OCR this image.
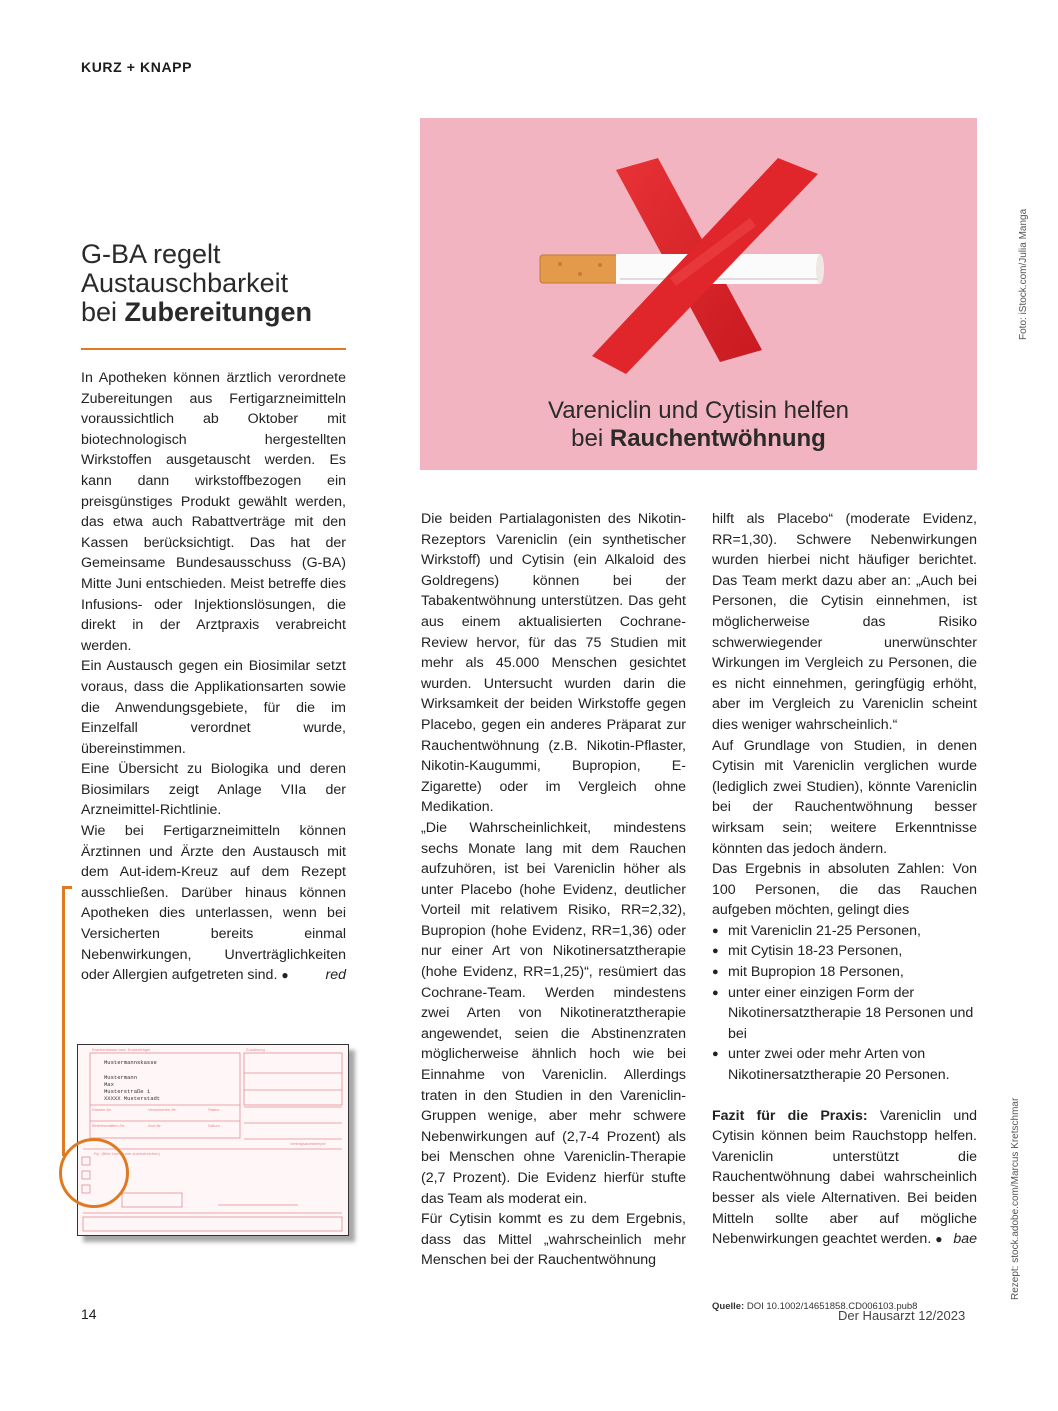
KURZ + KNAPP
G-BA regelt
Austauschbarkeit
bei Zubereitungen

In Apotheken können ärztlich verordnete Zubereitungen aus Fertigarzneimitteln voraussichtlich ab Oktober mit biotechnologisch hergestellten Wirkstoffen ausgetauscht werden. Es kann dann wirkstoffbezogen ein preisgünstiges Produkt gewählt werden, das etwa auch Rabattverträge mit den Kassen berücksichtigt. Das hat der Gemeinsame Bundesausschuss (G-BA) Mitte Juni entschieden. Meist betreffe dies Infusions- oder Injektionslösungen, die direkt in der Arztpraxis verabreicht werden.

Ein Austausch gegen ein Biosimilar setzt voraus, dass die Applikationsarten sowie die Anwendungsgebiete, für die im Einzelfall verordnet wurde, übereinstimmen.

Eine Übersicht zu Biologika und deren Biosimilars zeigt Anlage VIIa der Arzneimittel-Richtlinie.

Wie bei Fertigarzneimitteln können Ärztinnen und Ärzte den Austausch mit dem Aut-idem-Kreuz auf dem Rezept ausschließen. Darüber hinaus können Apotheken dies unterlassen, wenn bei Versicherten bereits einmal Nebenwirkungen, Unverträglichkeiten oder Allergien aufgetreten sind. ●	red

Krankenkasse bzw. Kostenträger	Zuzahlung
Kassen-Nr.	Versicherten-Nr.	Status
Betriebsstätten-Nr.	Arzt-Nr.	Datum
Rp. (Bitte Leerräume durchstreichen)
Vertragsarztstempel
Mustermannskasse
Mustermann
Max
Musterstraße 1
XXXXX Musterstadt
Vareniclin und Cytisin helfen
bei Rauchentwöhnung
Foto: iStock.com/Julia Manga
Rezept: stock.adobe.com/Marcus Kretschmar

Die beiden Partialagonisten des Nikotin-Rezeptors Vareniclin (ein synthetischer Wirkstoff) und Cytisin (ein Alkaloid des Goldregens) können bei der Tabakentwöhnung unterstützen. Das geht aus einem aktualisierten Cochrane-Review hervor, für das 75 Studien mit mehr als 45.000 Menschen gesichtet wurden. Untersucht wurden darin die Wirksamkeit der beiden Wirkstoffe gegen Placebo, gegen ein anderes Präparat zur Rauchentwöhnung (z.B. Nikotin-Pflaster, Nikotin-Kaugummi, Bupropion, E-Zigarette) oder im Vergleich ohne Medikation.

„Die Wahrscheinlichkeit, mindestens sechs Monate lang mit dem Rauchen aufzuhören, ist bei Vareniclin höher als unter Placebo (hohe Evidenz, deutlicher Vorteil mit relativem Risiko, RR=2,32), Bupropion (hohe Evidenz, RR=1,36) oder nur einer Art von Nikotinersatztherapie (hohe Evidenz, RR=1,25)“, resümiert das Cochrane-Team. Werden mindestens zwei Arten von Nikotineratztherapie angewendet, seien die Abstinenzraten möglicherweise ähnlich hoch wie bei Einnahme von Vareniclin. Allerdings traten in den Studien in den Vareniclin-Gruppen wenige, aber mehr schwere Nebenwirkungen auf (2,7-4 Prozent) als bei Menschen ohne Vareniclin-Therapie (2,7 Prozent). Die Evidenz hierfür stufte das Team als moderat ein.

Für Cytisin kommt es zu dem Ergebnis, dass das Mittel „wahrscheinlich mehr Menschen bei der Rauchentwöhnung

hilft als Placebo“ (moderate Evidenz, RR=1,30). Schwere Nebenwirkungen wurden hierbei nicht häufiger berichtet. Das Team merkt dazu aber an: „Auch bei Personen, die Cytisin einnehmen, ist möglicherweise das Risiko schwerwiegender unerwünschter Wirkungen im Vergleich zu Personen, die es nicht einnehmen, geringfügig erhöht, aber im Vergleich zu Vareniclin scheint dies weniger wahrscheinlich.“

Auf Grundlage von Studien, in denen Cytisin mit Vareniclin verglichen wurde (lediglich zwei Studien), könnte Vareniclin bei der Rauchentwöhnung besser wirksam sein; weitere Erkenntnisse könnten das jedoch ändern.

Das Ergebnis in absoluten Zahlen: Von 100 Personen, die das Rauchen aufgeben möchten, gelingt dies

● mit Vareniclin 21-25 Personen,
● mit Cytisin 18-23 Personen,
● mit Bupropion 18 Personen,
● unter einer einzigen Form der Nikotinersatztherapie 18 Personen und bei
● unter zwei oder mehr Arten von Nikotinersatztherapie 20 Personen.

Fazit für die Praxis: Vareniclin und Cytisin können beim Rauchstopp helfen. Vareniclin unterstützt die Rauchentwöhnung dabei wahrscheinlich besser als viele Alternativen. Bei beiden Mitteln sollte aber auf mögliche Nebenwirkungen geachtet werden. ● bae

Quelle: DOI 10.1002/14651858.CD006103.pub8
14	Der Hausarzt 12/2023
